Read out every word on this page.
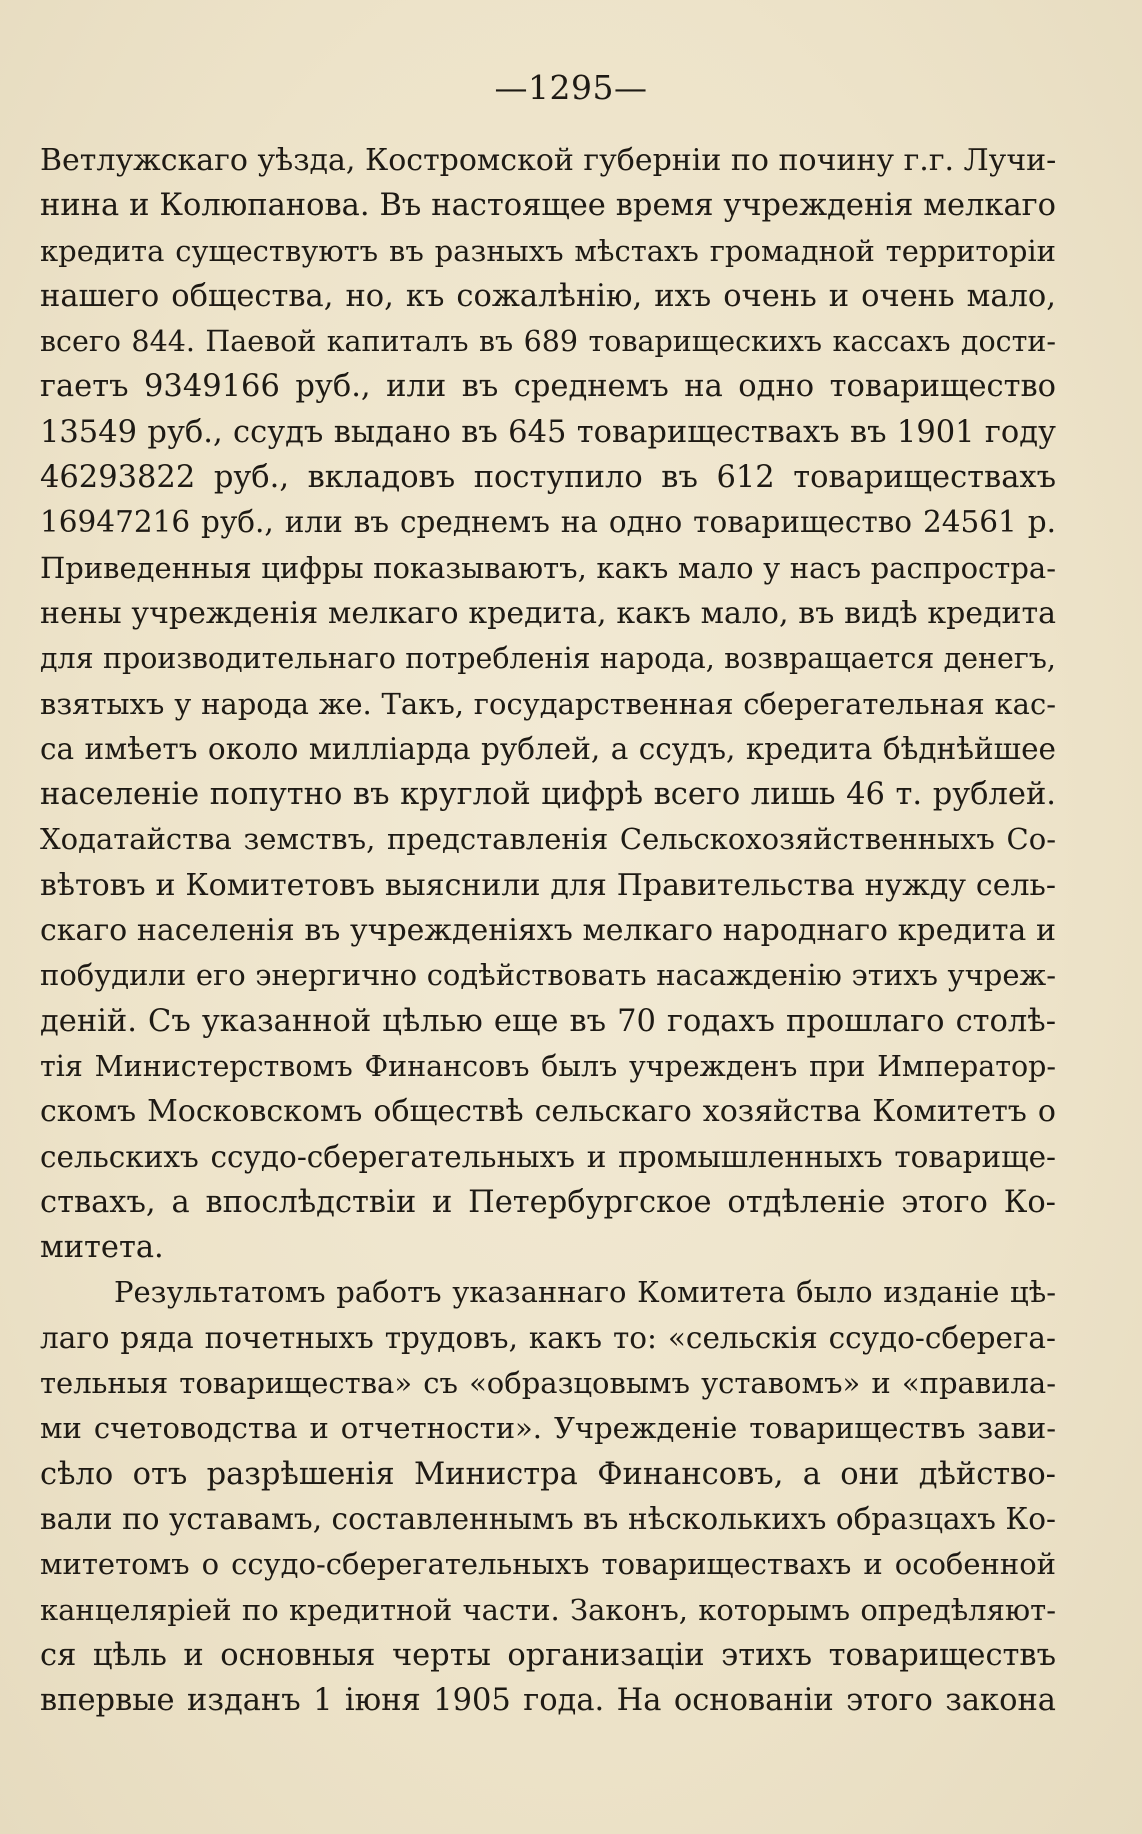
—1295—
Ветлужскаго уѣзда, Костромской губерніи по почину г.г. Лучи-
нина и Колюпанова. Въ настоящее время учрежденія мелкаго
кредита существуютъ въ разныхъ мѣстахъ громадной территоріи
нашего общества, но, къ сожалѣнію, ихъ очень и очень мало,
всего 844. Паевой капиталъ въ 689 товарищескихъ кассахъ дости-
гаетъ 9349166 руб., или въ среднемъ на одно товарищество
13549 руб., ссудъ выдано въ 645 товариществахъ въ 1901 году
46293822 руб., вкладовъ поступило въ 612 товариществахъ
16947216 руб., или въ среднемъ на одно товарищество 24561 р.
Приведенныя цифры показываютъ, какъ мало у насъ распростра-
нены учрежденія мелкаго кредита, какъ мало, въ видѣ кредита
для производительнаго потребленія народа, возвращается денегъ,
взятыхъ у народа же. Такъ, государственная сберегательная кас-
са имѣетъ около милліарда рублей, а ссудъ, кредита бѣднѣйшее
населеніе попутно въ круглой цифрѣ всего лишь 46 т. рублей.
Ходатайства земствъ, представленія Сельскохозяйственныхъ Со-
вѣтовъ и Комитетовъ выяснили для Правительства нужду сель-
скаго населенія въ учрежденіяхъ мелкаго народнаго кредита и
побудили его энергично содѣйствовать насажденію этихъ учреж-
деній. Съ указанной цѣлью еще въ 70 годахъ прошлаго столѣ-
тія Министерствомъ Финансовъ былъ учрежденъ при Император-
скомъ Московскомъ обществѣ сельскаго хозяйства Комитетъ о
сельскихъ ссудо-сберегательныхъ и промышленныхъ товарище-
ствахъ, а впослѣдствіи и Петербургское отдѣленіе этого Ко-
митета.
Результатомъ работъ указаннаго Комитета было изданіе цѣ-
лаго ряда почетныхъ трудовъ, какъ то: «сельскія ссудо-сберега-
тельныя товарищества» съ «образцовымъ уставомъ» и «правила-
ми счетоводства и отчетности». Учрежденіе товариществъ зави-
сѣло отъ разрѣшенія Министра Финансовъ, а они дѣйство-
вали по уставамъ, составленнымъ въ нѣсколькихъ образцахъ Ко-
митетомъ о ссудо-сберегательныхъ товариществахъ и особенной
канцеляріей по кредитной части. Законъ, которымъ опредѣляют-
ся цѣль и основныя черты организаціи этихъ товариществъ
впервые изданъ 1 іюня 1905 года. На основаніи этого закона
